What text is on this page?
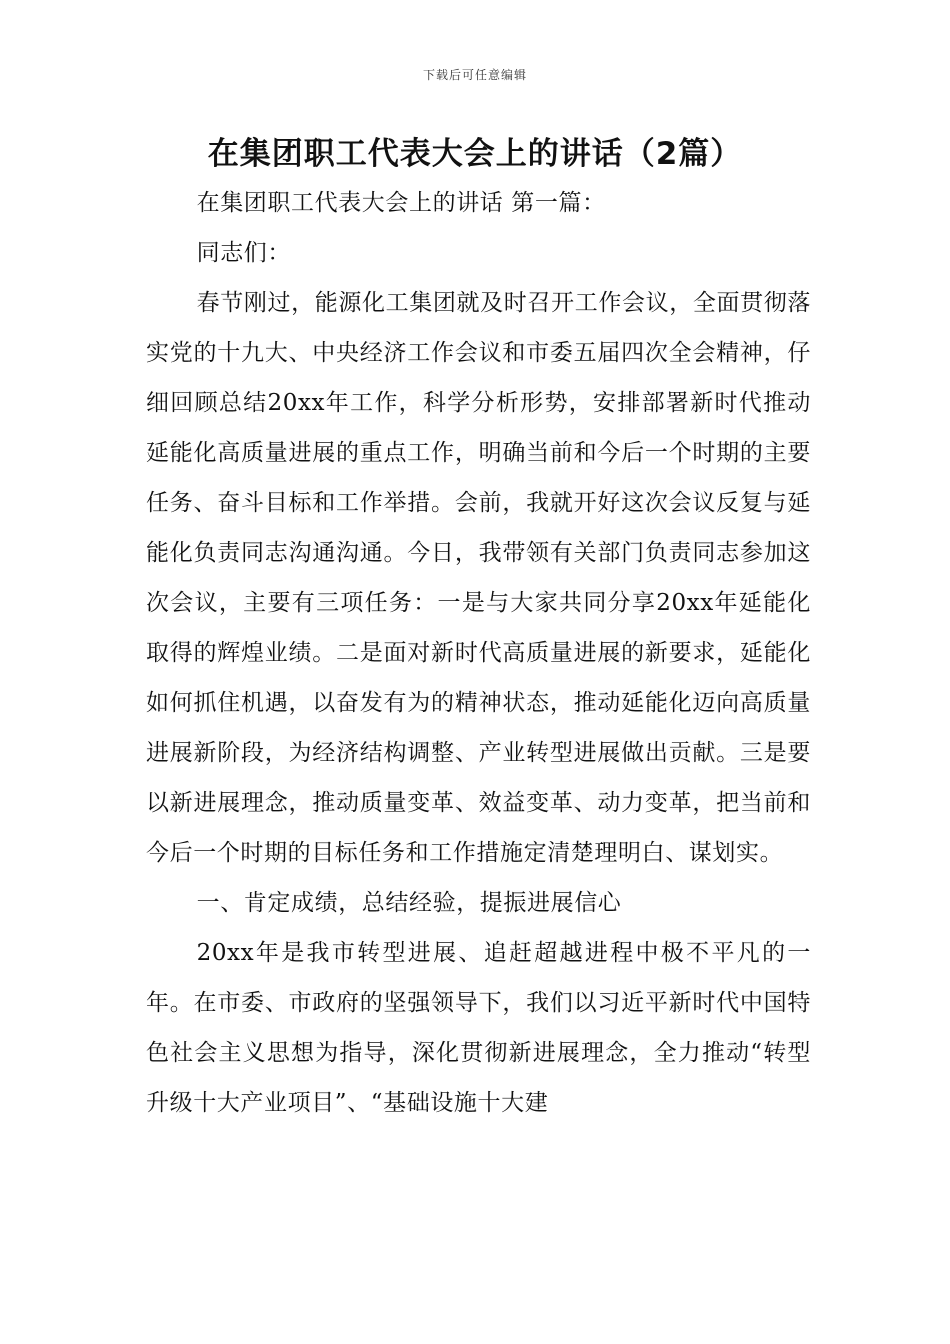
下载后可任意编辑
在集团职工代表大会上的讲话（2篇）

在集团职工代表大会上的讲话 第一篇：

同志们：

春节刚过，能源化工集团就及时召开工作会议，全面贯彻落实党的十九大、中央经济工作会议和市委五届四次全会精神，仔细回顾总结20xx年工作，科学分析形势，安排部署新时代推动延能化高质量进展的重点工作，明确当前和今后一个时期的主要任务、奋斗目标和工作举措。会前，我就开好这次会议反复与延能化负责同志沟通沟通。今日，我带领有关部门负责同志参加这次会议，主要有三项任务：一是与大家共同分享20xx年延能化取得的辉煌业绩。二是面对新时代高质量进展的新要求，延能化如何抓住机遇，以奋发有为的精神状态，推动延能化迈向高质量进展新阶段，为经济结构调整、产业转型进展做出贡献。三是要以新进展理念，推动质量变革、效益变革、动力变革，把当前和今后一个时期的目标任务和工作措施定清楚理明白、谋划实。

一、肯定成绩，总结经验，提振进展信心

20xx年是我市转型进展、追赶超越进程中极不平凡的一年。在市委、市政府的坚强领导下，我们以习近平新时代中国特色社会主义思想为指导，深化贯彻新进展理念，全力推动“转型升级十大产业项目”、“基础设施十大建
